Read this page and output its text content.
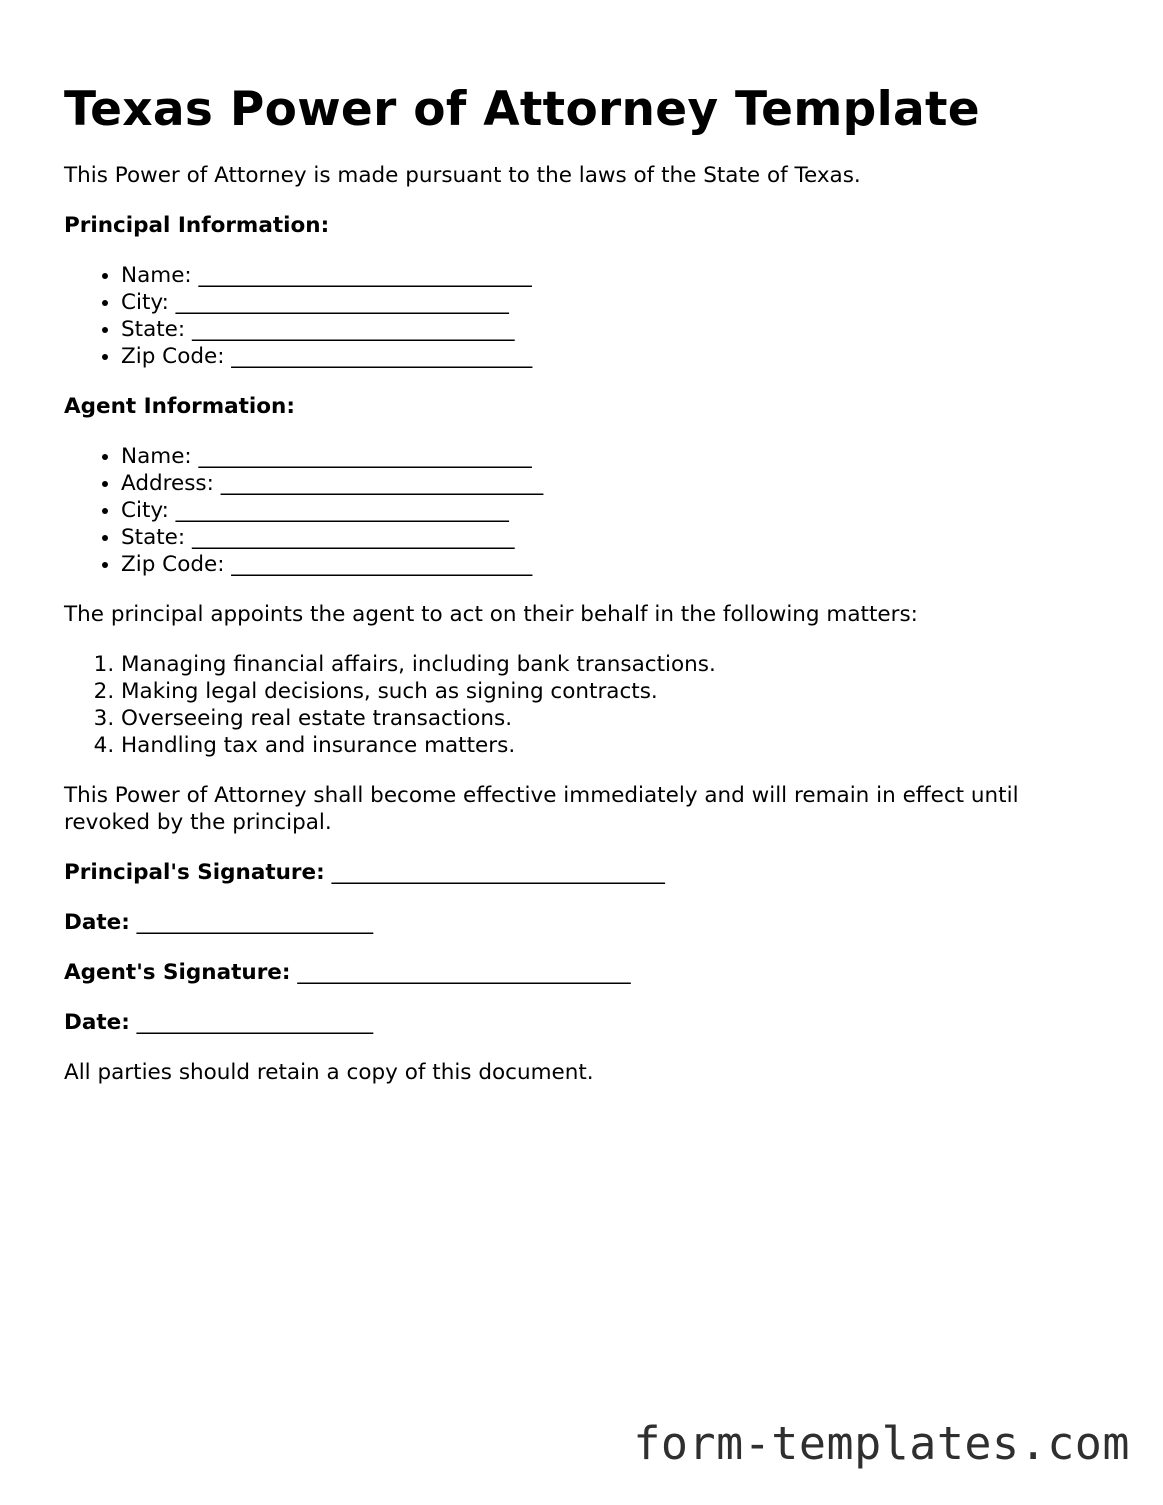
Texas Power of Attorney Template

This Power of Attorney is made pursuant to the laws of the State of Texas.

Principal Information:
• Name: _______________________________
• City: _______________________________
• State: ______________________________
• Zip Code: ____________________________
Agent Information:
• Name: _______________________________
• Address: ______________________________
• City: _______________________________
• State: ______________________________
• Zip Code: ____________________________

The principal appoints the agent to act on their behalf in the following matters:

1. Managing financial affairs, including bank transactions.
2. Making legal decisions, such as signing contracts.
3. Overseeing real estate transactions.
4. Handling tax and insurance matters.

This Power of Attorney shall become effective immediately and will remain in effect until revoked by the principal.

Principal's Signature: _______________________________
Date: ______________________
Agent's Signature: _______________________________
Date: ______________________

All parties should retain a copy of this document.

form-templates.com
